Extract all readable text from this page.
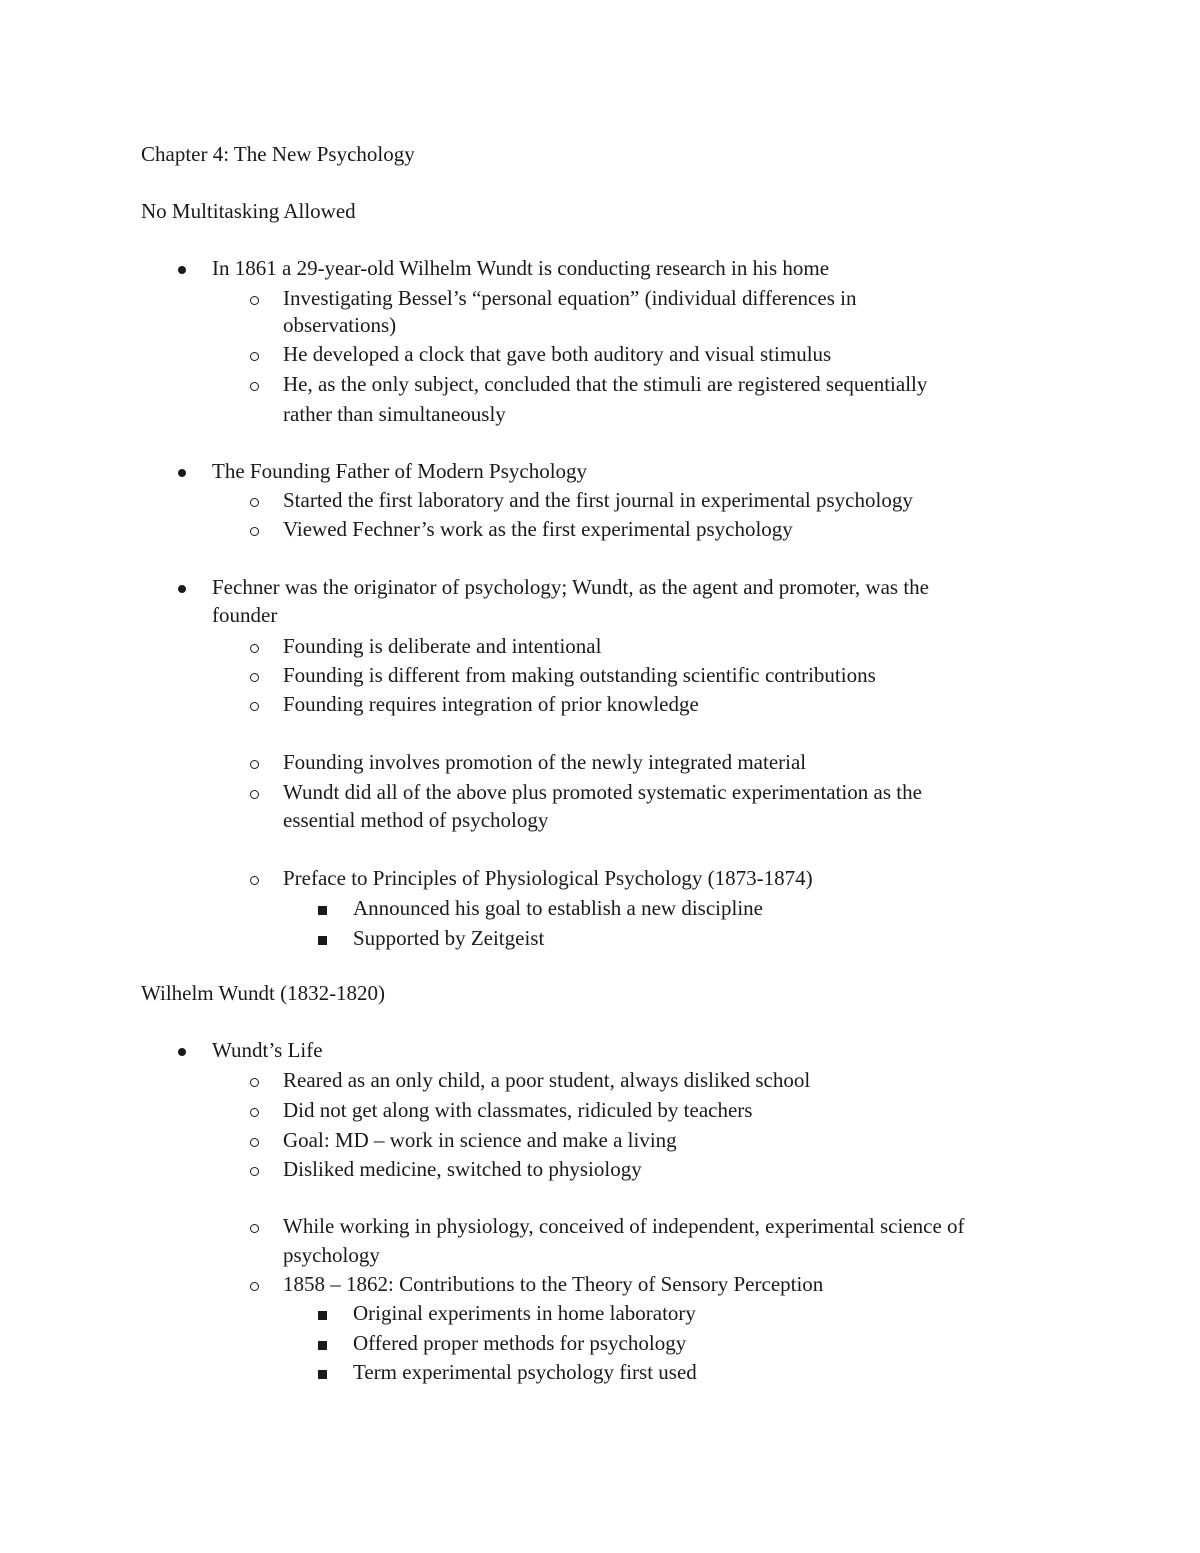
Chapter 4: The New Psychology
No Multitasking Allowed
In 1861 a 29-year-old Wilhelm Wundt is conducting research in his home
Investigating Bessel’s “personal equation” (individual differences in
observations)
He developed a clock that gave both auditory and visual stimulus
He, as the only subject, concluded that the stimuli are registered sequentially
rather than simultaneously
The Founding Father of Modern Psychology
Started the first laboratory and the first journal in experimental psychology
Viewed Fechner’s work as the first experimental psychology
Fechner was the originator of psychology; Wundt, as the agent and promoter, was the
founder
Founding is deliberate and intentional
Founding is different from making outstanding scientific contributions
Founding requires integration of prior knowledge
Founding involves promotion of the newly integrated material
Wundt did all of the above plus promoted systematic experimentation as the
essential method of psychology
Preface to Principles of Physiological Psychology (1873-1874)
Announced his goal to establish a new discipline
Supported by Zeitgeist
Wilhelm Wundt (1832-1820)
Wundt’s Life
Reared as an only child, a poor student, always disliked school
Did not get along with classmates, ridiculed by teachers
Goal: MD – work in science and make a living
Disliked medicine, switched to physiology
While working in physiology, conceived of independent, experimental science of
psychology
1858 – 1862: Contributions to the Theory of Sensory Perception
Original experiments in home laboratory
Offered proper methods for psychology
Term experimental psychology first used
